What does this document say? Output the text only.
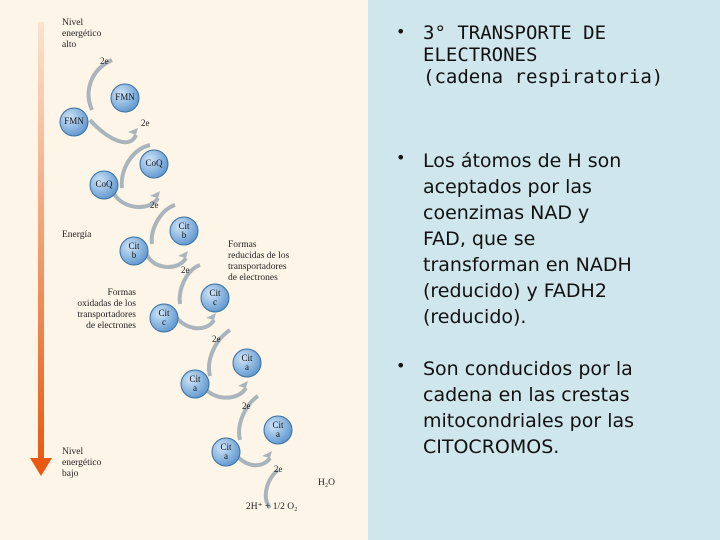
Nivel
energético
alto
Energía
Formas
reducidas de los
transportadores
de electrones
Formas
oxidadas de los
transportadores
de electrones
Nivel
energético
bajo
2e
2e
2e
2e
2e
2e
2e
FMN
FMN
CoQ
CoQ
Cit
b
Cit
b
Cit
c
Cit
c
Cit
a
Cit
a
Cit
a
Cit
a
H₂O
2H⁺ + 1/2 O₂
• 3° TRANSPORTE DE
ELECTRONES
(cadena respiratoria)
• Los átomos de H son
aceptados por las
coenzimas NAD y
FAD, que se
transforman en NADH
(reducido) y FADH2
(reducido).
• Son conducidos por la
cadena en las crestas
mitocondriales por las
CITOCROMOS.
